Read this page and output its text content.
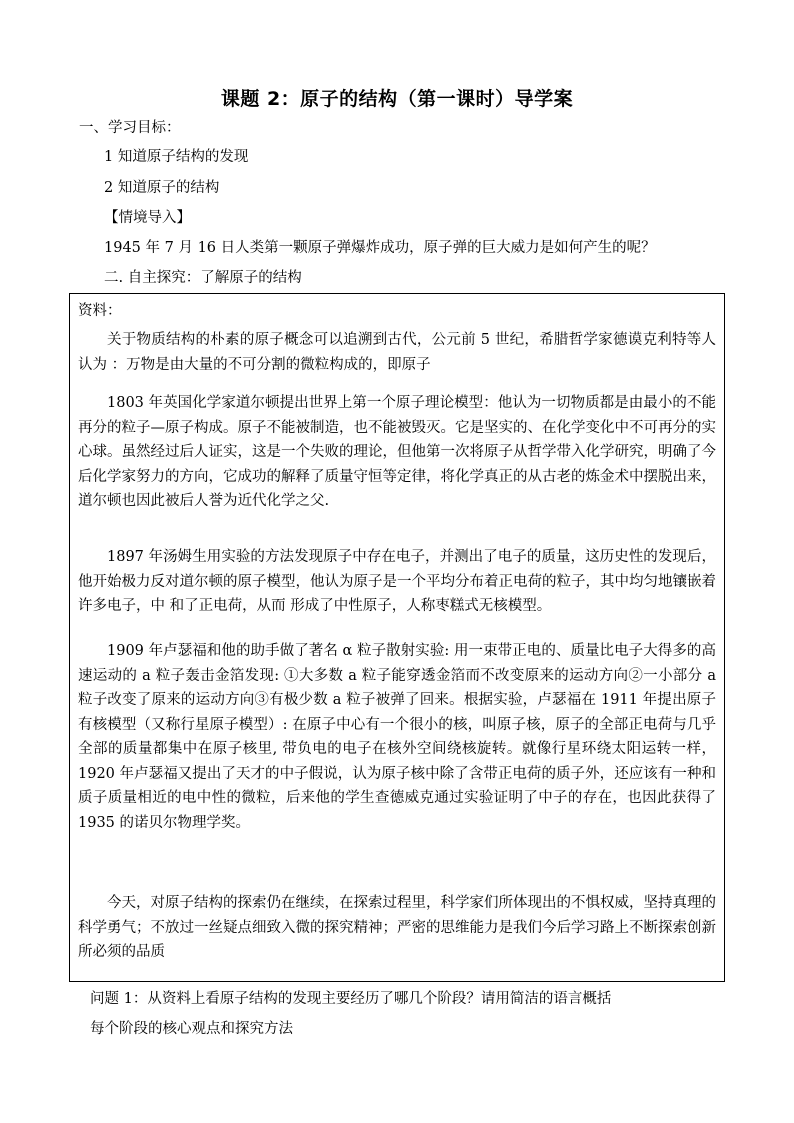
课题 2：原子的结构（第一课时）导学案
一、学习目标：
1 知道原子结构的发现
2 知道原子的结构
【情境导入】
1945 年 7 月 16 日人类第一颗原子弹爆炸成功，原子弹的巨大威力是如何产生的呢？
二. 自主探究：了解原子的结构
资料：

关于物质结构的朴素的原子概念可以追溯到古代，公元前 5 世纪，希腊哲学家德谟克利特等人认为 ：万物是由大量的不可分割的微粒构成的，即原子

1803 年英国化学家道尔顿提出世界上第一个原子理论模型：他认为一切物质都是由最小的不能再分的粒子—原子构成。原子不能被制造，也不能被毁灭。它是坚实的、在化学变化中不可再分的实心球。虽然经过后人证实，这是一个失败的理论，但他第一次将原子从哲学带入化学研究，明确了今后化学家努力的方向，它成功的解释了质量守恒等定律，将化学真正的从古老的炼金术中摆脱出来，道尔顿也因此被后人誉为近代化学之父.

1897 年汤姆生用实验的方法发现原子中存在电子，并测出了电子的质量，这历史性的发现后，他开始极力反对道尔顿的原子模型，他认为原子是一个平均分布着正电荷的粒子，其中均匀地镶嵌着许多电子，中 和了正电荷，从而 形成了中性原子，人称枣糕式无核模型。

1909 年卢瑟福和他的助手做了著名 α 粒子散射实验: 用一束带正电的、质量比电子大得多的高速运动的 a 粒子轰击金箔发现: ①大多数 a 粒子能穿透金箔而不改变原来的运动方向②一小部分 a 粒子改变了原来的运动方向③有极少数 a 粒子被弹了回来。根据实验，卢瑟福在 1911 年提出原子有核模型（又称行星原子模型）: 在原子中心有一个很小的核，叫原子核，原子的全部正电荷与几乎全部的质量都集中在原子核里, 带负电的电子在核外空间绕核旋转。就像行星环绕太阳运转一样，1920 年卢瑟福又提出了天才的中子假说，认为原子核中除了含带正电荷的质子外，还应该有一种和质子质量相近的电中性的微粒，后来他的学生查德威克通过实验证明了中子的存在，也因此获得了 1935 的诺贝尔物理学奖。

今天，对原子结构的探索仍在继续，在探索过程里，科学家们所体现出的不惧权威，坚持真理的科学勇气；不放过一丝疑点细致入微的探究精神；严密的思维能力是我们今后学习路上不断探索创新所必须的品质

问题 1：从资料上看原子结构的发现主要经历了哪几个阶段？请用简洁的语言概括
每个阶段的核心观点和探究方法
